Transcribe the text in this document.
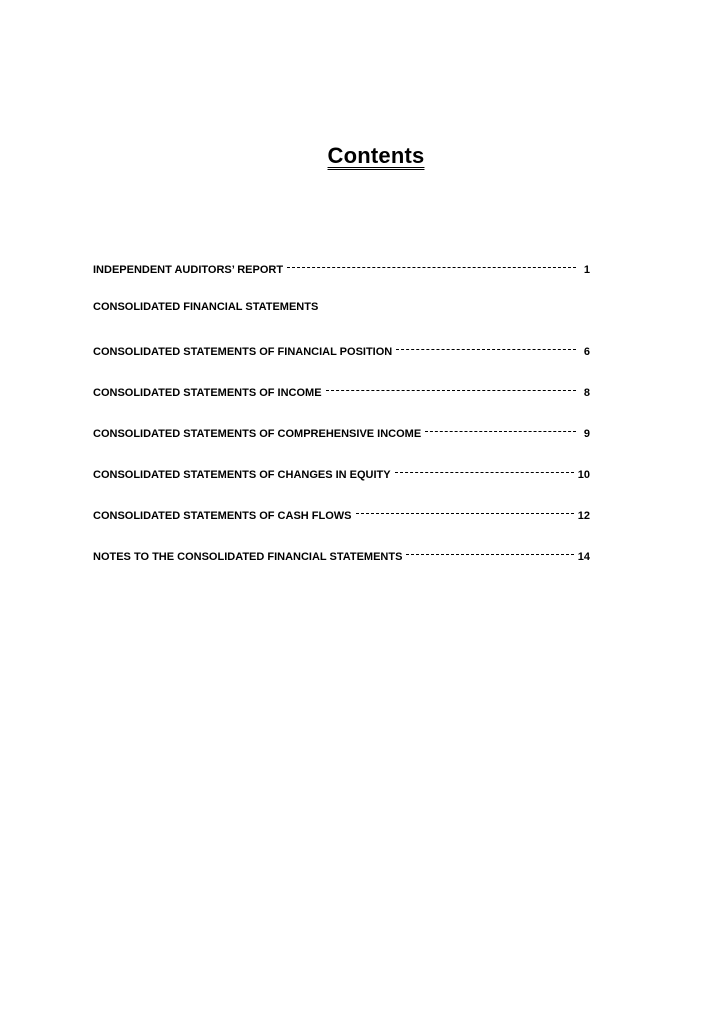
Contents
INDEPENDENT AUDITORS’ REPORT	1
CONSOLIDATED FINANCIAL STATEMENTS
CONSOLIDATED STATEMENTS OF FINANCIAL POSITION	6
CONSOLIDATED STATEMENTS OF INCOME	8
CONSOLIDATED STATEMENTS OF COMPREHENSIVE INCOME	9
CONSOLIDATED STATEMENTS OF CHANGES IN EQUITY	10
CONSOLIDATED STATEMENTS OF CASH FLOWS	12
NOTES TO THE CONSOLIDATED FINANCIAL STATEMENTS	14
